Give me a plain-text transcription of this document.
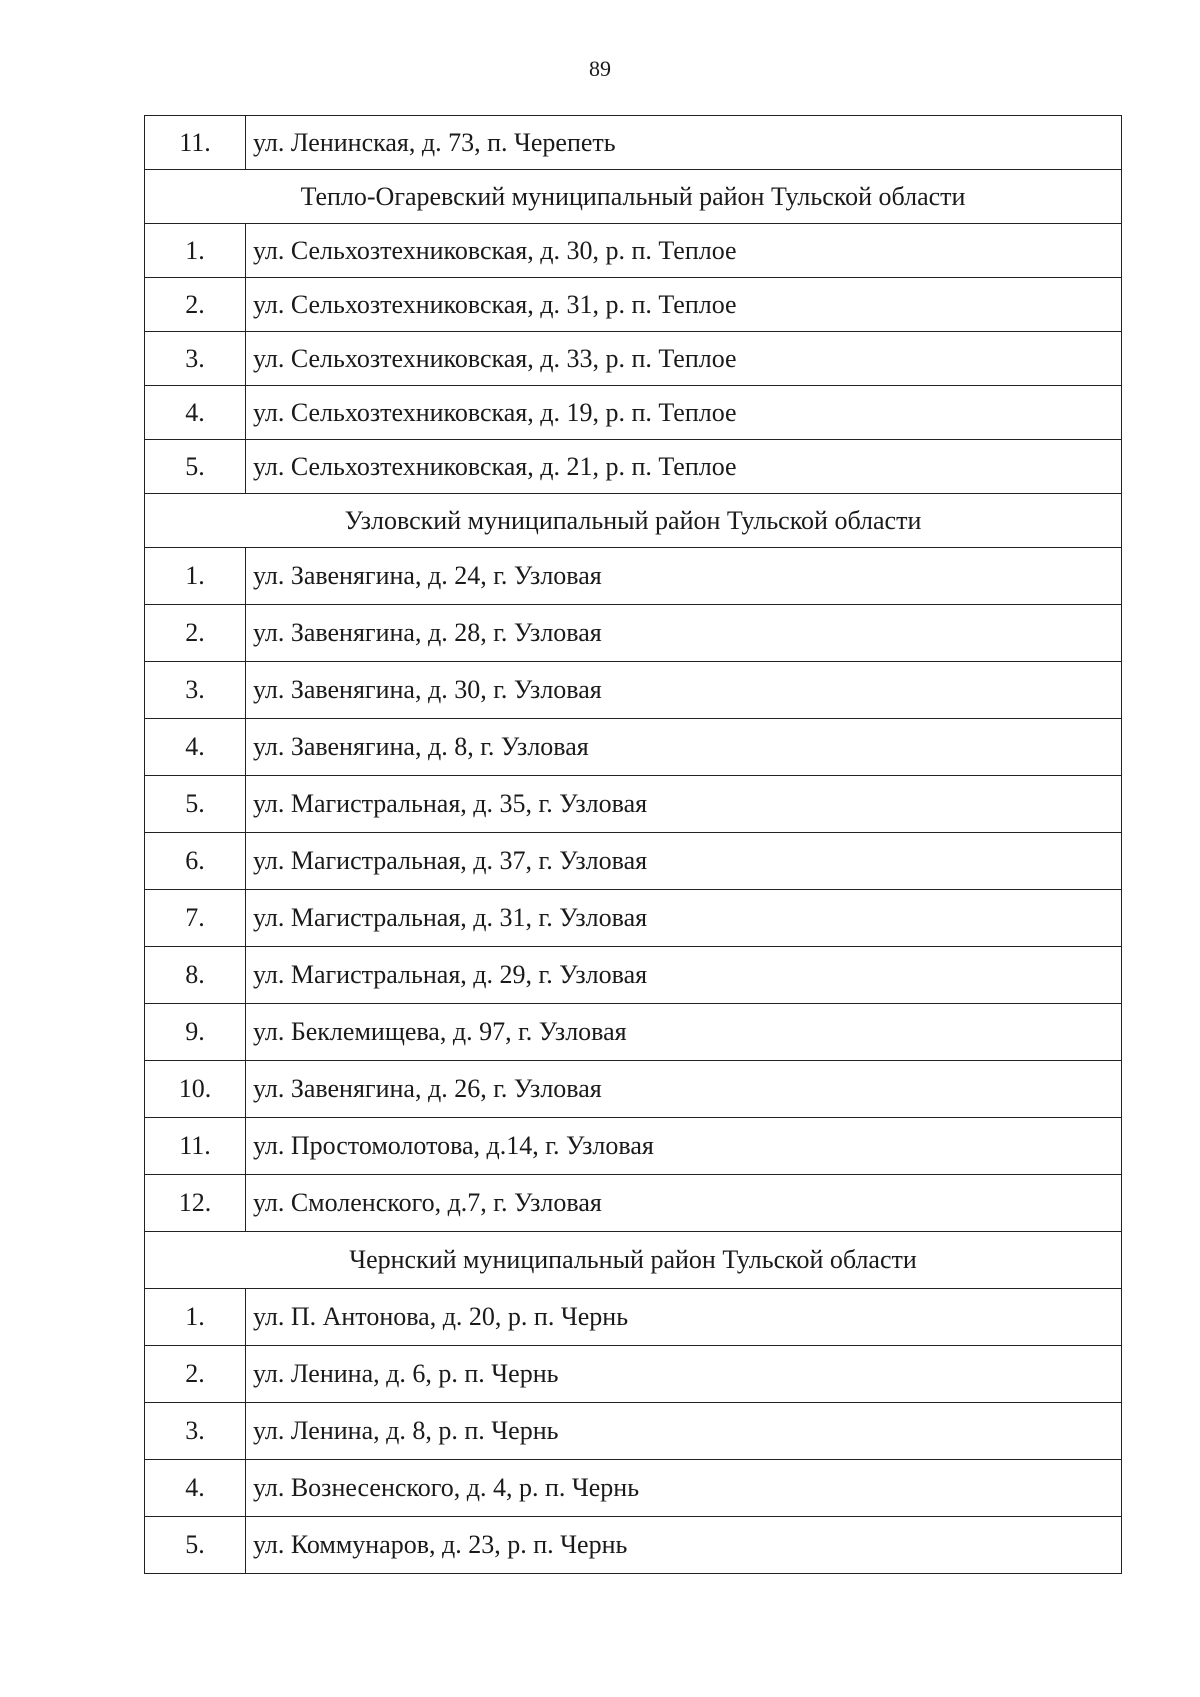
89
11.	ул. Ленинская, д. 73, п. Черепеть
Тепло-Огаревский муниципальный район Тульской области	
1.	ул. Сельхозтехниковская, д. 30, р. п. Теплое
2.	ул. Сельхозтехниковская, д. 31, р. п. Теплое
3.	ул. Сельхозтехниковская, д. 33, р. п. Теплое
4.	ул. Сельхозтехниковская, д. 19, р. п. Теплое
5.	ул. Сельхозтехниковская, д. 21, р. п. Теплое
Узловский муниципальный район Тульской области	
1.	ул. Завенягина, д. 24, г. Узловая
2.	ул. Завенягина, д. 28, г. Узловая
3.	ул. Завенягина, д. 30, г. Узловая
4.	ул. Завенягина, д. 8, г. Узловая
5.	ул. Магистральная, д. 35, г. Узловая
6.	ул. Магистральная, д. 37, г. Узловая
7.	ул. Магистральная, д. 31, г. Узловая
8.	ул. Магистральная, д. 29, г. Узловая
9.	ул. Беклемищева, д. 97, г. Узловая
10.	ул. Завенягина, д. 26, г. Узловая
11.	ул. Простомолотова, д.14, г. Узловая
12.	ул. Смоленского, д.7, г. Узловая
Чернский муниципальный район Тульской области	
1.	ул. П. Антонова, д. 20, р. п. Чернь
2.	ул. Ленина, д. 6, р. п. Чернь
3.	ул. Ленина, д. 8, р. п. Чернь
4.	ул. Вознесенского, д. 4, р. п. Чернь
5.	ул. Коммунаров, д. 23, р. п. Чернь
